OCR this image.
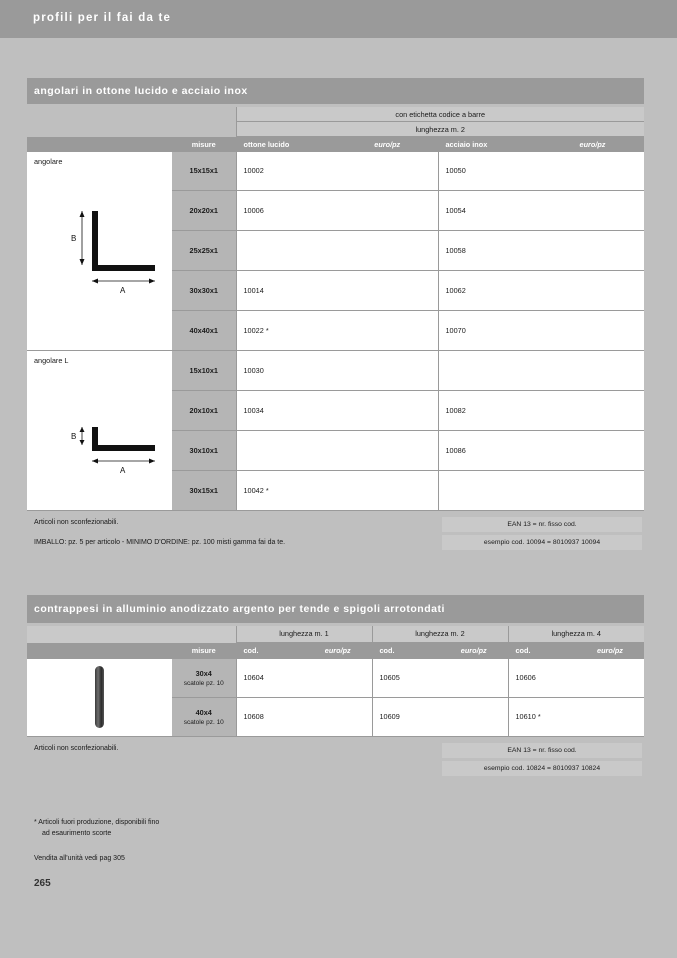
profili per il fai da te
angolari in ottone lucido e acciaio inox
		con etichetta codice a barre			
		lunghezza m. 2			
	misure	ottone lucido	euro/pz	acciaio inox	euro/pz

angolare
B
A	15x15x1	10002		10050	
	20x20x1	10006		10054	
	25x25x1			10058	
	30x30x1	10014		10062	
	40x40x1	10022 *		10070	

angolare L
B
A	15x10x1	10030			
	20x10x1	10034		10082	
	30x10x1			10086	
	30x15x1	10042 *			
Articoli non sconfezionabili.
IMBALLO: pz. 5 per articolo - MINIMO D'ORDINE: pz. 100 misti gamma fai da te.
EAN 13 = nr. fisso cod.
esempio cod. 10094 = 8010937 10094
contrappesi in alluminio anodizzato argento per tende e spigoli arrotondati
		lunghezza m. 1		lunghezza m. 2		lunghezza m. 4	
	misure	cod.	euro/pz	cod.	euro/pz	cod.	euro/pz

	30x4
scatole pz. 10	10604		10605		10606	

	40x4
scatole pz. 10	10608		10609		10610 *	
Articoli non sconfezionabili.	EAN 13 = nr. fisso cod.
esempio cod. 10824 = 8010937 10824
* Articoli fuori produzione, disponibili fino
ad esaurimento scorte
Vendita all'unità vedi pag 305
265
